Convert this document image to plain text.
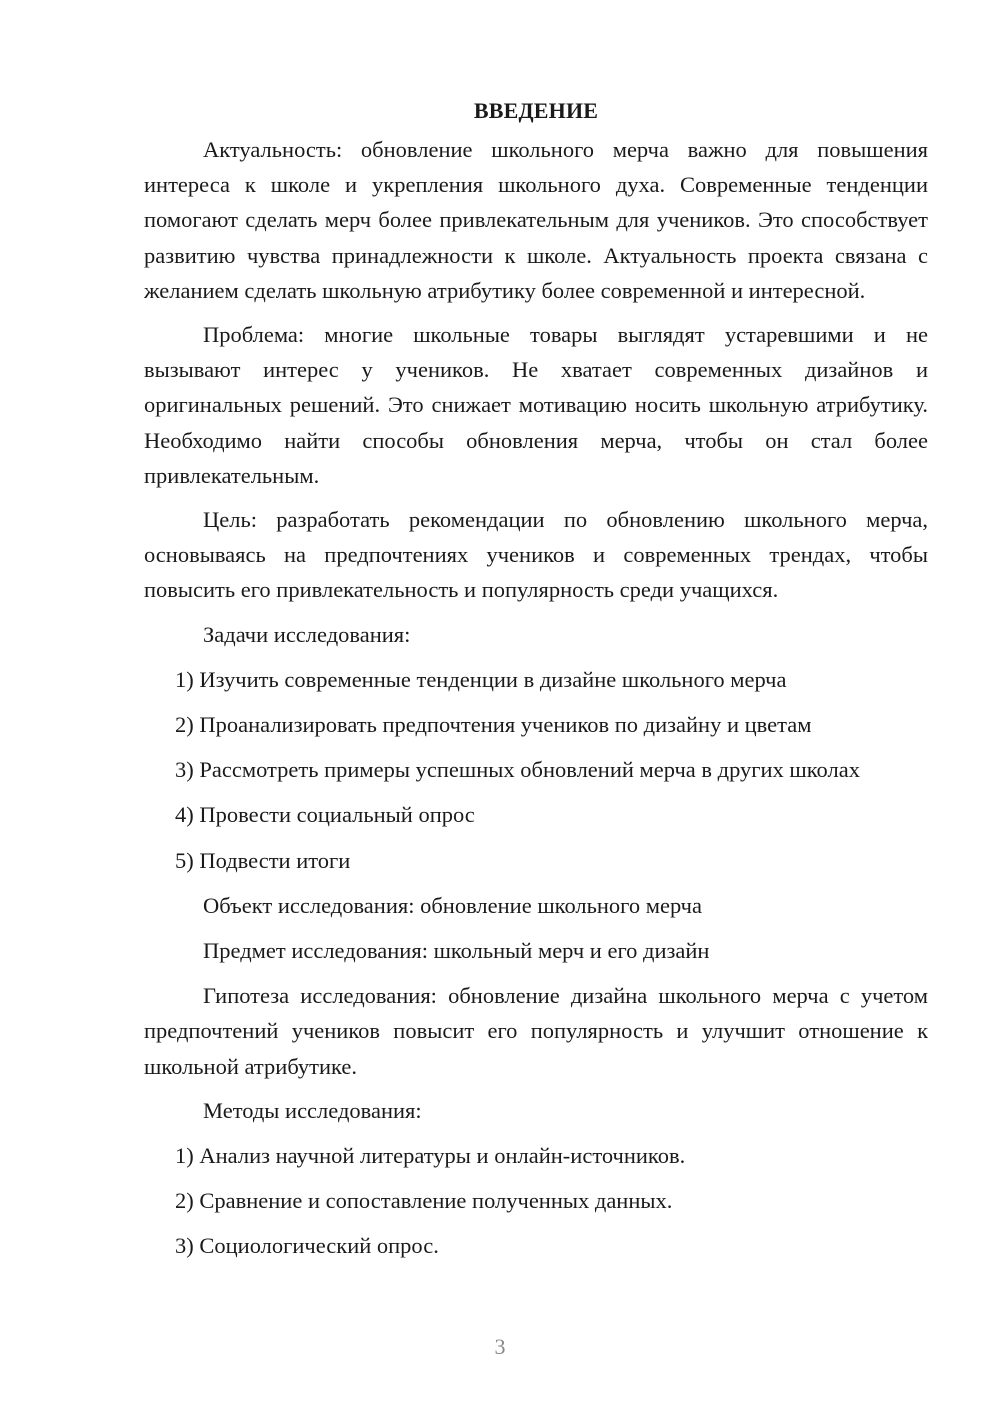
ВВЕДЕНИЕ

Актуальность: обновление школьного мерча важно для повышения интереса к школе и укрепления школьного духа. Современные тенденции помогают сделать мерч более привлекательным для учеников. Это способствует развитию чувства принадлежности к школе. Актуальность проекта связана с желанием сделать школьную атрибутику более современной и интересной.

Проблема: многие школьные товары выглядят устаревшими и не вызывают интерес у учеников. Не хватает современных дизайнов и оригинальных решений. Это снижает мотивацию носить школьную атрибутику. Необходимо найти способы обновления мерча, чтобы он стал более привлекательным.

Цель: разработать рекомендации по обновлению школьного мерча, основываясь на предпочтениях учеников и современных трендах, чтобы повысить его привлекательность и популярность среди учащихся.

Задачи исследования:
1) Изучить современные тенденции в дизайне школьного мерча
2) Проанализировать предпочтения учеников по дизайну и цветам
3) Рассмотреть примеры успешных обновлений мерча в других школах
4) Провести социальный опрос
5) Подвести итоги
Объект исследования: обновление школьного мерча
Предмет исследования: школьный мерч и его дизайн

Гипотеза исследования: обновление дизайна школьного мерча с учетом предпочтений учеников повысит его популярность и улучшит отношение к школьной атрибутике.

Методы исследования:
1) Анализ научной литературы и онлайн-источников.
2) Сравнение и сопоставление полученных данных.
3) Социологический опрос.
3
